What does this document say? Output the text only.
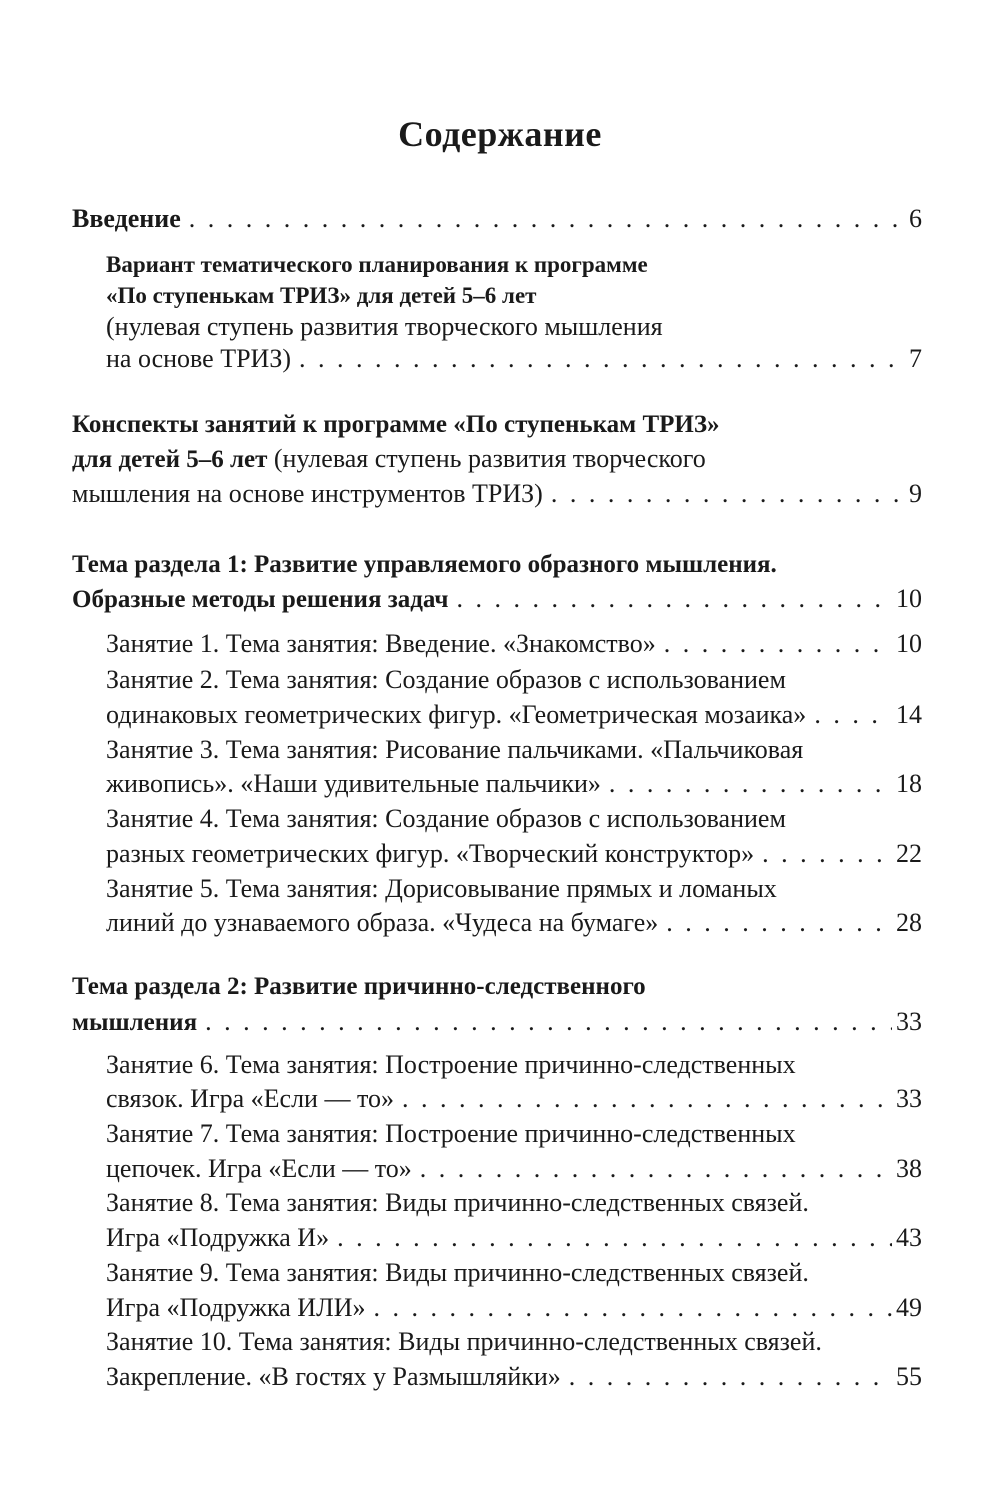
Содержание
Введение . . .	6
Вариант тематического планирования к программе
«По ступенькам ТРИЗ» для детей 5–6 лет
(нулевая ступень развития творческого мышления
на основе ТРИЗ) . . .	7
Конспекты занятий к программе «По ступенькам ТРИЗ»
для детей 5–6 лет (нулевая ступень развития творческого
мышления на основе инструментов ТРИЗ) . . .	9
Тема раздела 1: Развитие управляемого образного мышления.
Образные методы решения задач . . .	10
Занятие 1. Тема занятия: Введение. «Знакомство» . . .	10
Занятие 2. Тема занятия: Создание образов с использованием
одинаковых геометрических фигур. «Геометрическая мозаика» . . .	14
Занятие 3. Тема занятия: Рисование пальчиками. «Пальчиковая
живопись». «Наши удивительные пальчики» . . .	18
Занятие 4. Тема занятия: Создание образов с использованием
разных геометрических фигур. «Творческий конструктор» . . .	22
Занятие 5. Тема занятия: Дорисовывание прямых и ломаных
линий до узнаваемого образа. «Чудеса на бумаге» . . .	28
Тема раздела 2: Развитие причинно-следственного
мышления . . .	33
Занятие 6. Тема занятия: Построение причинно-следственных
связок. Игра «Если — то» . . .	33
Занятие 7. Тема занятия: Построение причинно-следственных
цепочек. Игра «Если — то» . . .	38
Занятие 8. Тема занятия: Виды причинно-следственных связей.
Игра «Подружка И» . . .	43
Занятие 9. Тема занятия: Виды причинно-следственных связей.
Игра «Подружка ИЛИ» . . .	49
Занятие 10. Тема занятия: Виды причинно-следственных связей.
Закрепление. «В гостях у Размышляйки» . . .	55
